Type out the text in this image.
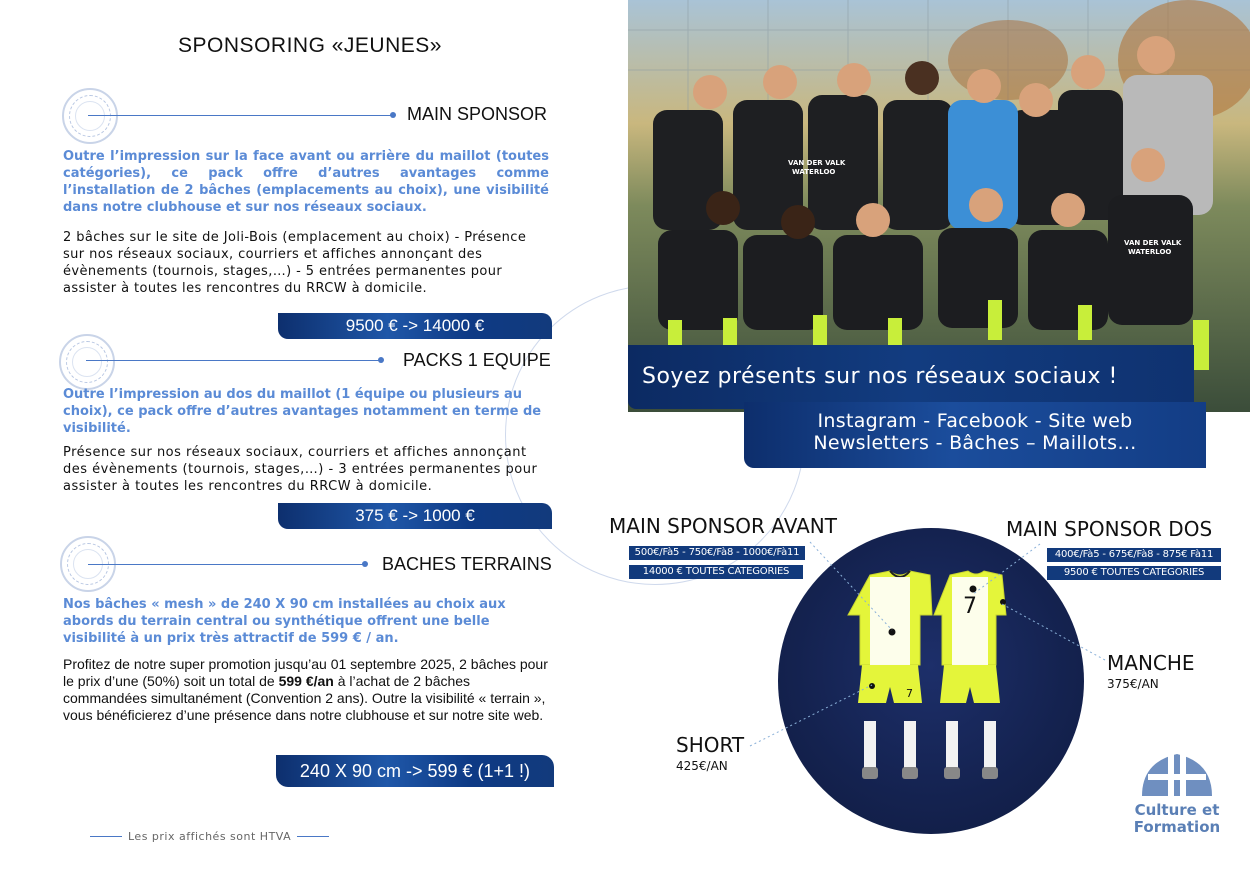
SPONSORING «JEUNES»
MAIN SPONSOR
Outre l’impression sur la face avant ou arrière du maillot (toutes catégories), ce pack offre d’autres avantages comme l’installation de 2 bâches (emplacements au choix), une visibilité dans notre clubhouse et sur nos réseaux sociaux.
2 bâches sur le site de Joli-Bois (emplacement au choix) - Présence sur nos réseaux sociaux, courriers et affiches annonçant des évènements (tournois, stages,…) - 5 entrées permanentes pour assister à toutes les rencontres du RRCW à domicile.
9500 € -> 14000 €
PACKS 1 EQUIPE
Outre l’impression au dos du maillot (1 équipe ou plusieurs au choix), ce pack offre d’autres avantages notamment en terme de visibilité.
Présence sur nos réseaux sociaux, courriers et affiches annonçant des évènements (tournois, stages,…) - 3 entrées permanentes pour assister à toutes les rencontres du RRCW à domicile.
375 € -> 1000 €
BACHES TERRAINS
Nos bâches « mesh » de 240 X 90 cm installées au choix aux abords du terrain central ou synthétique offrent une belle visibilité à un prix très attractif de 599 € / an.
Profitez de notre super promotion jusqu’au 01 septembre 2025, 2 bâches pour le prix d’une (50%) soit un total de 599 €/an à l’achat de 2 bâches commandées simultanément (Convention 2 ans). Outre la visibilité « terrain », vous bénéficierez d’une présence dans notre clubhouse et sur notre site web.
240 X 90 cm -> 599 € (1+1 !)
Les prix affichés sont HTVA
VAN DER VALK
WATERLOO
VAN DER VALK
WATERLOO
Soyez présents sur nos réseaux sociaux !
Instagram - Facebook - Site web
Newsletters - Bâches – Maillots…
7
7
MAIN SPONSOR AVANT
500€/Fà5 - 750€/Fà8 - 1000€/Fà11
14000 € TOUTES CATEGORIES
MAIN SPONSOR DOS
400€/Fà5 - 675€/Fà8 - 875€ Fà11
9500 € TOUTES CATEGORIES
MANCHE
375€/AN
SHORT
425€/AN
Culture et
Formation
